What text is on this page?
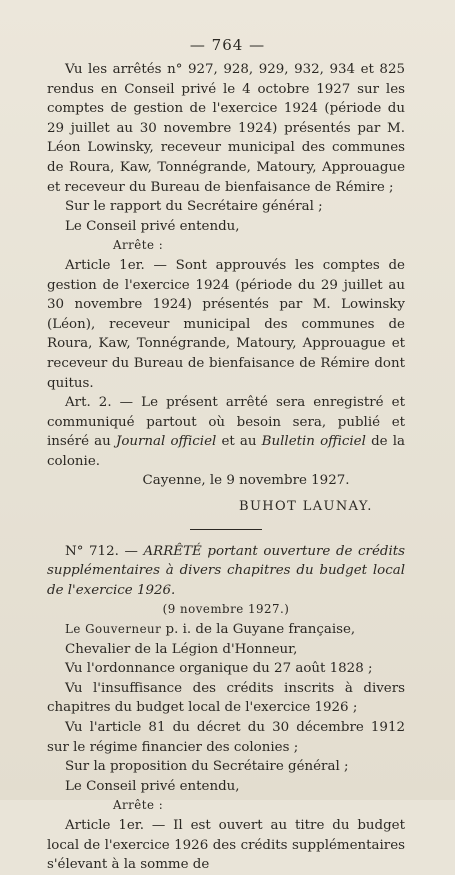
— 764 —

Vu les arrêtés n° 927, 928, 929, 932, 934 et 825 rendus en Conseil privé le 4 octobre 1927 sur les comptes de gestion de l'exercice 1924 (période du 29 juillet au 30 novembre 1924) présentés par M. Léon Lowinsky, receveur municipal des communes de Roura, Kaw, Tonnégrande, Matoury, Approuague et receveur du Bureau de bienfaisance de Rémire ;

Sur le rapport du Secrétaire général ;

Le Conseil privé entendu,

Arrête :

Article 1er. — Sont approuvés les comptes de gestion de l'exercice 1924 (période du 29 juillet au 30 novembre 1924) présentés par M. Lowinsky (Léon), receveur municipal des communes de Roura, Kaw, Tonnégrande, Matoury, Approuague et receveur du Bureau de bienfaisance de Rémire dont quitus.

Art. 2. — Le présent arrêté sera enregistré et communiqué partout où besoin sera, publié et inséré au Journal officiel et au Bulletin officiel de la colonie.

Cayenne, le 9 novembre 1927.

BUHOT LAUNAY.

N° 712. — ARRÊTÉ portant ouverture de crédits supplémentaires à divers chapitres du budget local de l'exercice 1926.

(9 novembre 1927.)

Le Gouverneur p. i. de la Guyane française,

Chevalier de la Légion d'Honneur,

Vu l'ordonnance organique du 27 août 1828 ;

Vu l'insuffisance des crédits inscrits à divers chapitres du budget local de l'exercice 1926 ;

Vu l'article 81 du décret du 30 décembre 1912 sur le régime financier des colonies ;

Sur la proposition du Secrétaire général ;

Le Conseil privé entendu,

Arrête :

Article 1er. — Il est ouvert au titre du budget local de l'exercice 1926 des crédits supplémentaires s'élevant à la somme de
